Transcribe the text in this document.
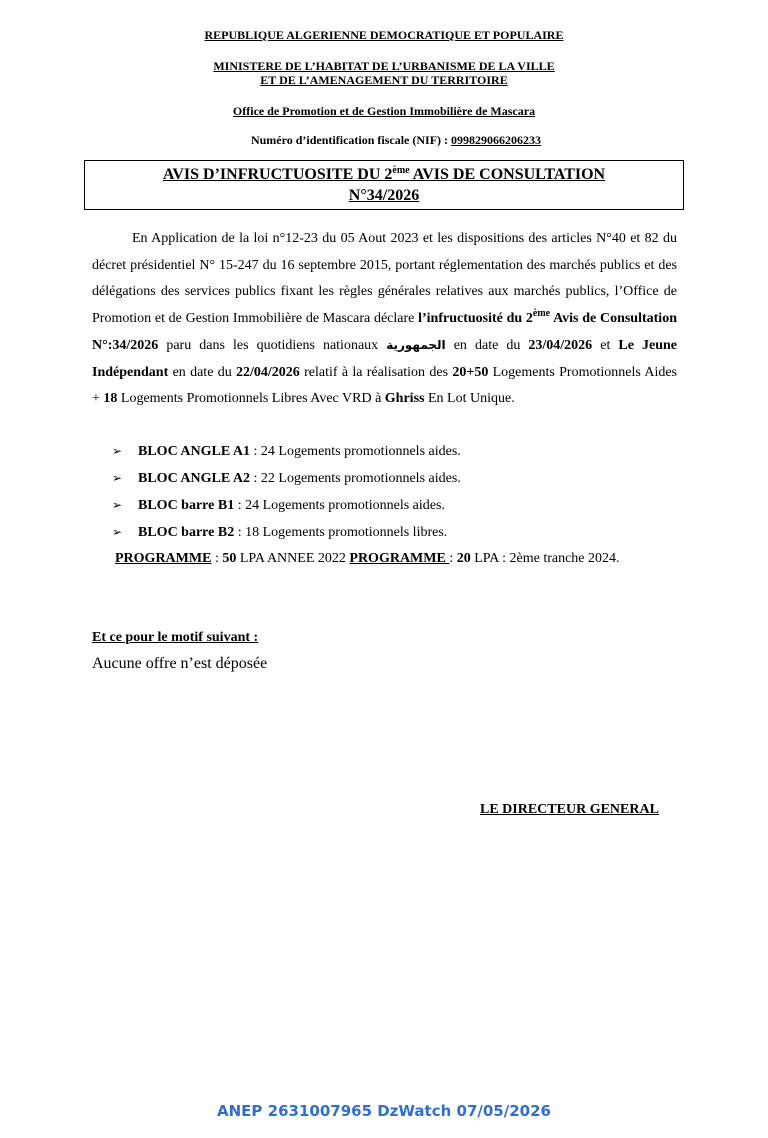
REPUBLIQUE ALGERIENNE DEMOCRATIQUE ET POPULAIRE
MINISTERE DE L’HABITAT DE L’URBANISME DE LA VILLE
ET DE L’AMENAGEMENT DU TERRITOIRE
Office de Promotion et de Gestion Immobilière de Mascara
Numéro d’identification fiscale (NIF) : 099829066206233
AVIS D’INFRUCTUOSITE DU 2ème AVIS DE CONSULTATION
N°34/2026
En Application de la loi n°12-23 du 05 Aout 2023 et les dispositions des articles N°40 et 82 du décret présidentiel N° 15-247 du 16 septembre 2015, portant réglementation des marchés publics et des délégations des services publics fixant les règles générales relatives aux marchés publics, l’Office de Promotion et de Gestion Immobilière de Mascara déclare l’infructuosité du 2ème Avis de Consultation N°:34/2026 paru dans les quotidiens nationaux الجمهورية en date du 23/04/2026 et Le Jeune Indépendant en date du 22/04/2026 relatif à la réalisation des 20+50 Logements Promotionnels Aides + 18 Logements Promotionnels Libres Avec VRD à Ghriss En Lot Unique.
➢ BLOC ANGLE A1 : 24 Logements promotionnels aides.
➢ BLOC ANGLE A2 : 22 Logements promotionnels aides.
➢ BLOC barre B1 : 24 Logements promotionnels aides.
➢ BLOC barre B2 : 18 Logements promotionnels libres.
PROGRAMME : 50 LPA ANNEE 2022 PROGRAMME : 20 LPA : 2ème tranche 2024.
Et ce pour le motif suivant :
Aucune offre n’est déposée
LE DIRECTEUR GENERAL
ANEP 2631007965 DzWatch 07/05/2026
